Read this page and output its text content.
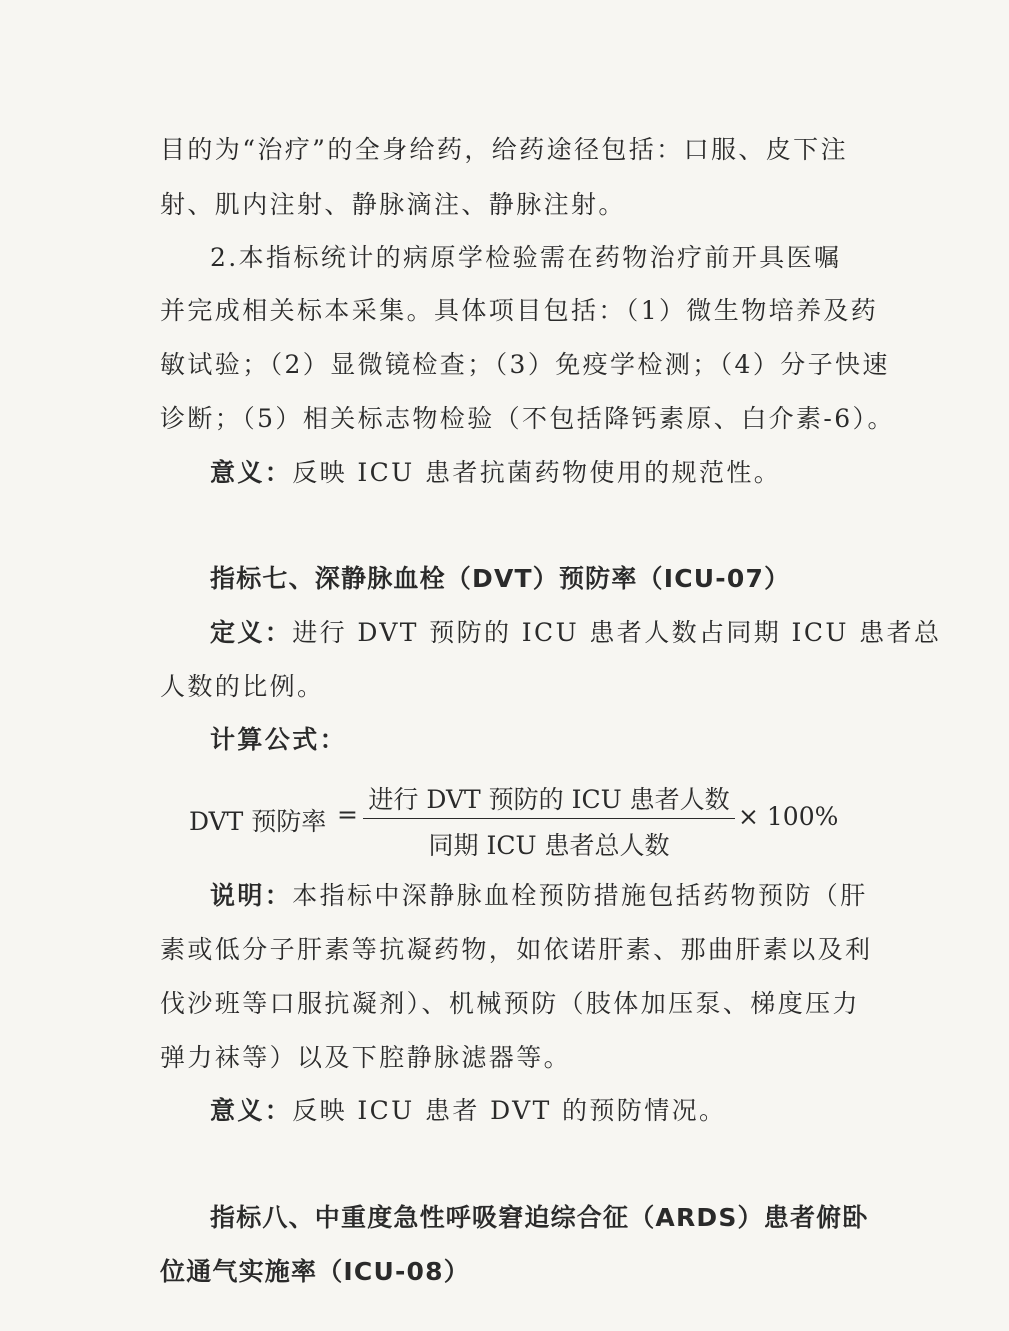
目的为“治疗”的全身给药，给药途径包括：口服、皮下注
射、肌内注射、静脉滴注、静脉注射。
2.本指标统计的病原学检验需在药物治疗前开具医嘱
并完成相关标本采集。具体项目包括：（1）微生物培养及药
敏试验；（2）显微镜检查；（3）免疫学检测；（4）分子快速
诊断；（5）相关标志物检验（不包括降钙素原、白介素-6）。
意义：反映 ICU 患者抗菌药物使用的规范性。
指标七、深静脉血栓（DVT）预防率（ICU-07）
定义：进行 DVT 预防的 ICU 患者人数占同期 ICU 患者总
人数的比例。
计算公式：
DVT 预防率 =
进行 DVT 预防的 ICU 患者人数
同期 ICU 患者总人数
× 100%
说明：本指标中深静脉血栓预防措施包括药物预防（肝
素或低分子肝素等抗凝药物，如依诺肝素、那曲肝素以及利
伐沙班等口服抗凝剂）、机械预防（肢体加压泵、梯度压力
弹力袜等）以及下腔静脉滤器等。
意义：反映 ICU 患者 DVT 的预防情况。
指标八、中重度急性呼吸窘迫综合征（ARDS）患者俯卧
位通气实施率（ICU-08）
